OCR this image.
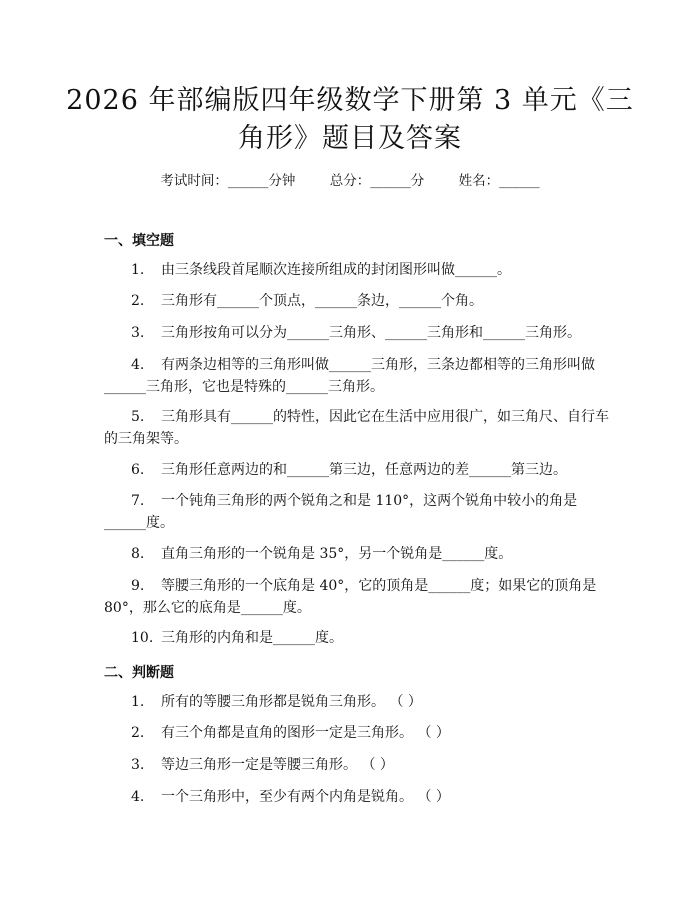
2026 年部编版四年级数学下册第 3 单元《三
角形》题目及答案
考试时间：______分钟        总分：______分        姓名：______
一、填空题
1. 由三条线段首尾顺次连接所组成的封闭图形叫做______。
2. 三角形有______个顶点，______条边，______个角。
3. 三角形按角可以分为______三角形、______三角形和______三角形。
4. 有两条边相等的三角形叫做______三角形，三条边都相等的三角形叫做
______三角形，它也是特殊的______三角形。
5. 三角形具有______的特性，因此它在生活中应用很广，如三角尺、自行车
的三角架等。
6. 三角形任意两边的和______第三边，任意两边的差______第三边。
7. 一个钝角三角形的两个锐角之和是 110°，这两个锐角中较小的角是
______度。
8. 直角三角形的一个锐角是 35°，另一个锐角是______度。
9. 等腰三角形的一个底角是 40°，它的顶角是______度；如果它的顶角是
80°，那么它的底角是______度。
10. 三角形的内角和是______度。
二、判断题
1. 所有的等腰三角形都是锐角三角形。 （ ）
2. 有三个角都是直角的图形一定是三角形。 （ ）
3. 等边三角形一定是等腰三角形。 （ ）
4. 一个三角形中，至少有两个内角是锐角。 （ ）
